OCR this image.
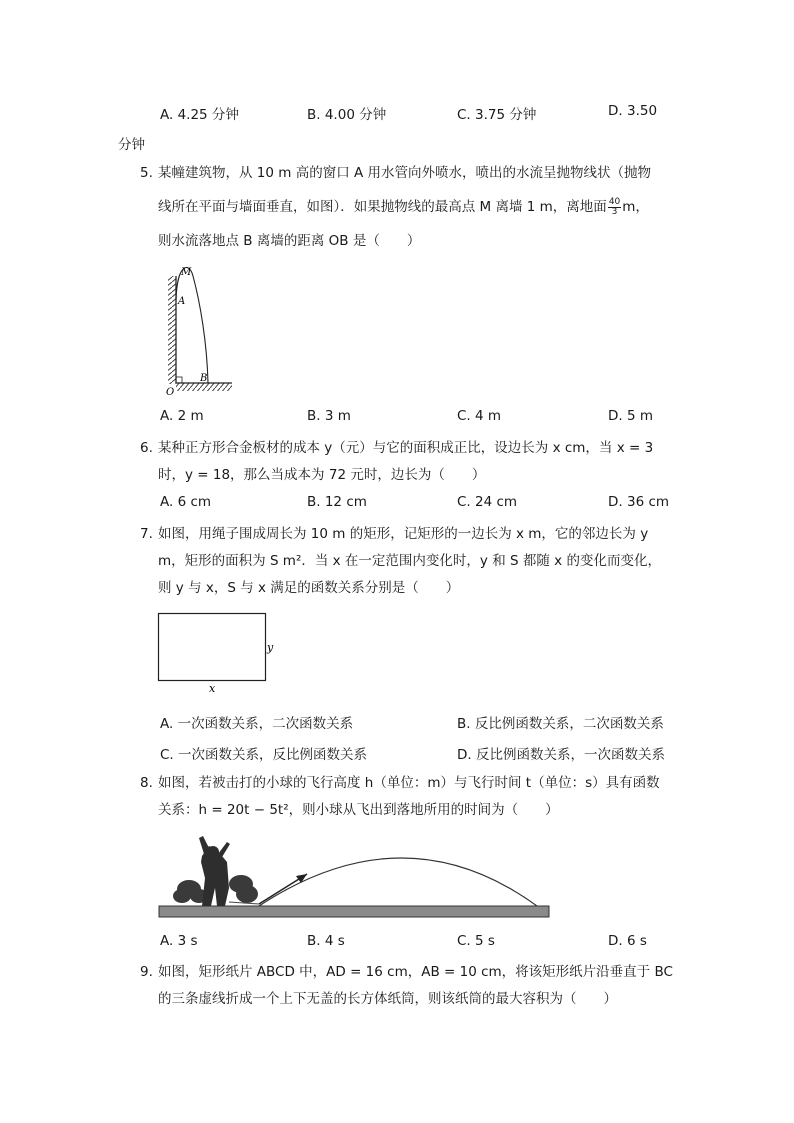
A. 4.25 分钟	B. 4.00 分钟	C. 3.75 分钟	D. 3.50
分钟
5. 某幢建筑物，从 10 m 高的窗口 A 用水管向外喷水，喷出的水流呈抛物线状（抛物
线所在平面与墙面垂直，如图）．如果抛物线的最高点 M 离墙 1 m，离地面 $\frac{40}{3}$ m，
则水流落地点 B 离墙的距离 OB 是（　　）
M
A
B
O
A. 2 m	B. 3 m	C. 4 m	D. 5 m
6. 某种正方形合金板材的成本 y（元）与它的面积成正比，设边长为 x cm，当 x = 3
时，y = 18，那么当成本为 72 元时，边长为（　　）
A. 6 cm	B. 12 cm	C. 24 cm	D. 36 cm
7. 如图，用绳子围成周长为 10 m 的矩形，记矩形的一边长为 x m，它的邻边长为 y
m，矩形的面积为 S m²．当 x 在一定范围内变化时，y 和 S 都随 x 的变化而变化，
则 y 与 x，S 与 x 满足的函数关系分别是（　　）
y
x
A. 一次函数关系，二次函数关系	B. 反比例函数关系，二次函数关系
C. 一次函数关系，反比例函数关系	D. 反比例函数关系，一次函数关系
8. 如图，若被击打的小球的飞行高度 h（单位：m）与飞行时间 t（单位：s）具有函数
关系：h = 20t − 5t²，则小球从飞出到落地所用的时间为（　　）
A. 3 s	B. 4 s	C. 5 s	D. 6 s
9. 如图，矩形纸片 ABCD 中，AD = 16 cm，AB = 10 cm，将该矩形纸片沿垂直于 BC
的三条虚线折成一个上下无盖的长方体纸筒，则该纸筒的最大容积为（　　）
